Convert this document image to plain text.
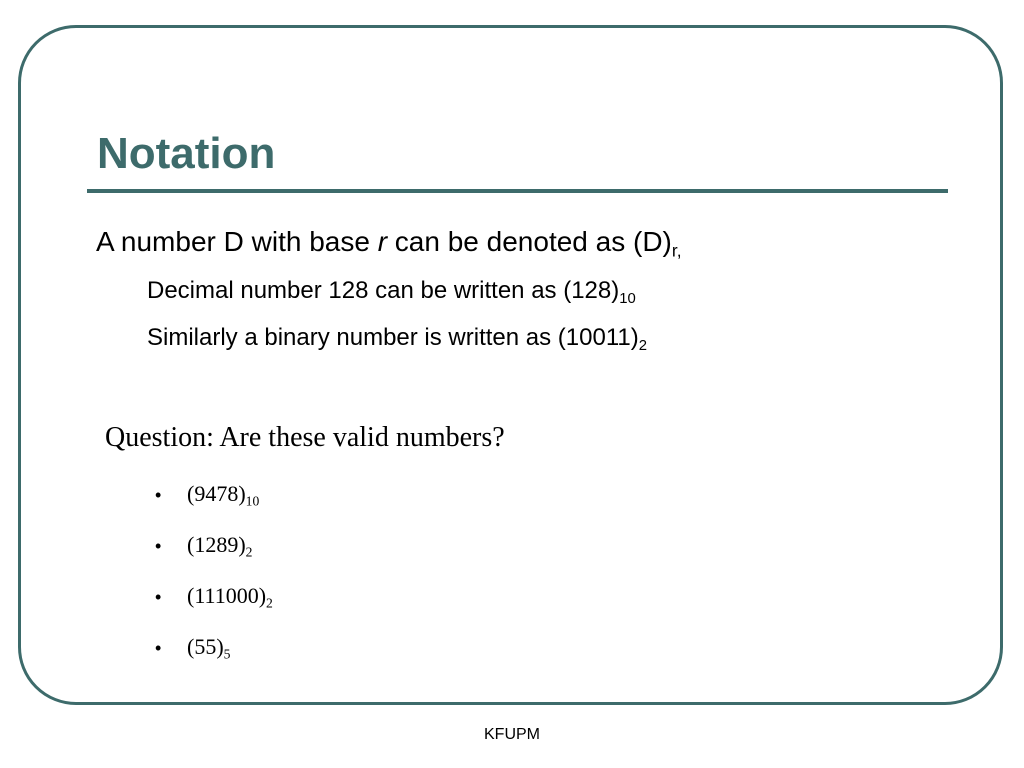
Notation
A number D with base r can be denoted as $(D)_{r,}$
Decimal number 128 can be written as $(128)_{10}$
Similarly a binary number is written as $(10011)_2$
Question: Are these valid numbers?
• $(9478)_{10}$
• $(1289)_2$
• $(111000)_2$
• $(55)_5$
KFUPM
